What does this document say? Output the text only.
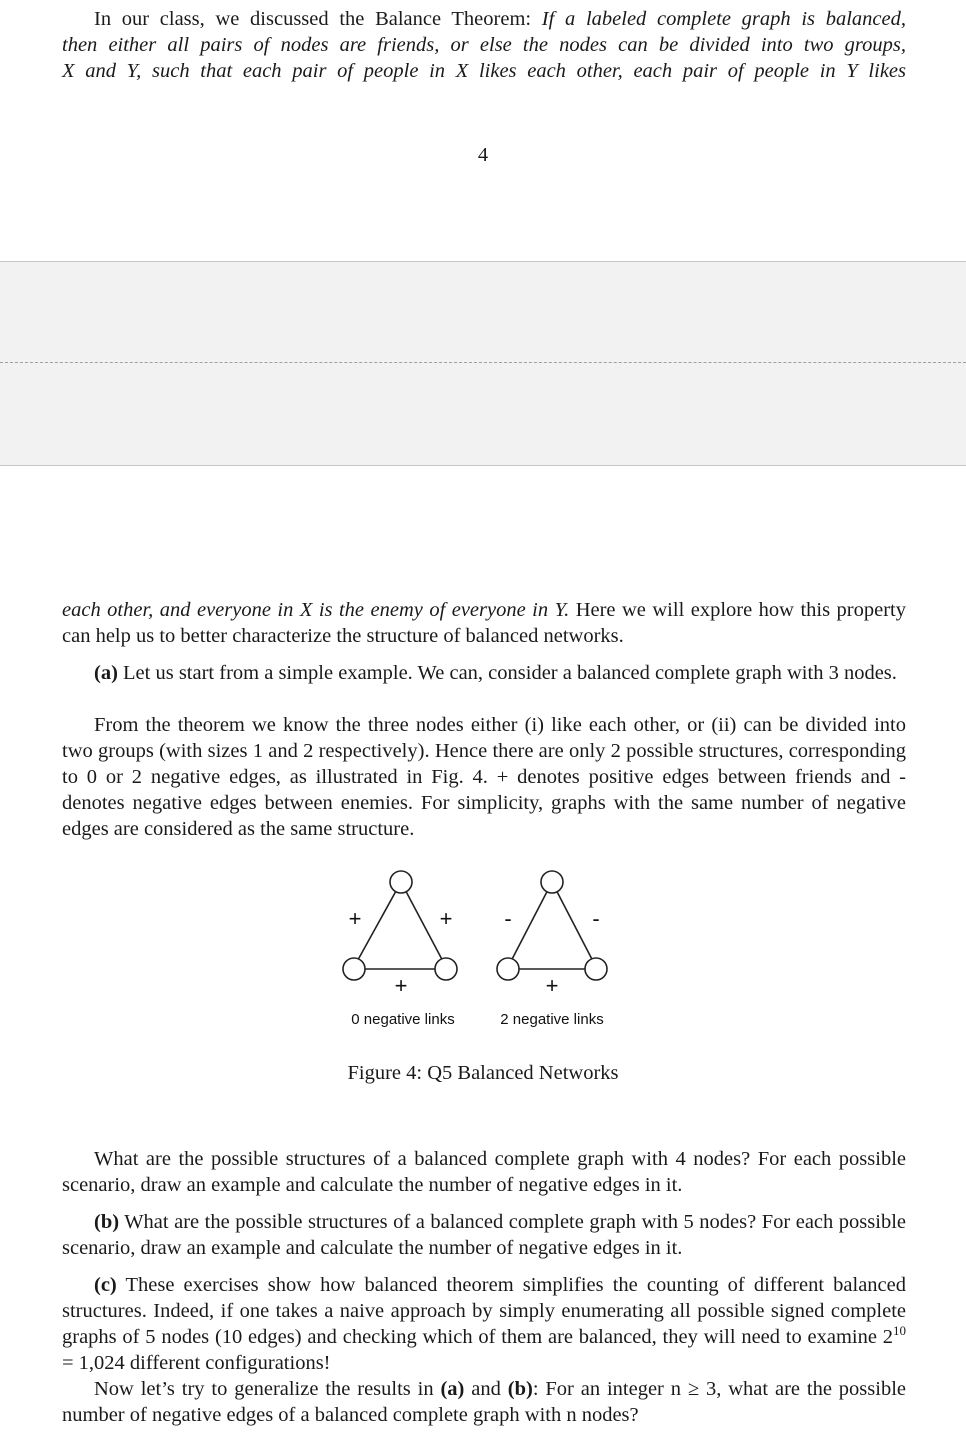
In our class, we discussed the Balance Theorem: If a labeled complete graph is balanced,
then either all pairs of nodes are friends, or else the nodes can be divided into two groups,
X and Y, such that each pair of people in X likes each other, each pair of people in Y likes
4
each other, and everyone in X is the enemy of everyone in Y. Here we will explore how this property can help us to better characterize the structure of balanced networks.
(a) Let us start from a simple example. We can, consider a balanced complete graph with 3 nodes.
From the theorem we know the three nodes either (i) like each other, or (ii) can be divided into two groups (with sizes 1 and 2 respectively). Hence there are only 2 possible structures, corresponding to 0 or 2 negative edges, as illustrated in Fig. 4. + denotes positive edges between friends and - denotes negative edges between enemies. For simplicity, graphs with the same number of negative edges are considered as the same structure.
+	+
+
0 negative links
-	-
+
2 negative links
Figure 4: Q5 Balanced Networks
What are the possible structures of a balanced complete graph with 4 nodes? For each possible scenario, draw an example and calculate the number of negative edges in it.
(b) What are the possible structures of a balanced complete graph with 5 nodes? For each possible scenario, draw an example and calculate the number of negative edges in it.
(c) These exercises show how balanced theorem simplifies the counting of different balanced structures. Indeed, if one takes a naive approach by simply enumerating all possible signed complete graphs of 5 nodes (10 edges) and checking which of them are balanced, they will need to examine $2^{10} = 1,024$ different configurations!
Now let’s try to generalize the results in (a) and (b): For an integer n ≥ 3, what are the possible number of negative edges of a balanced complete graph with n nodes?
